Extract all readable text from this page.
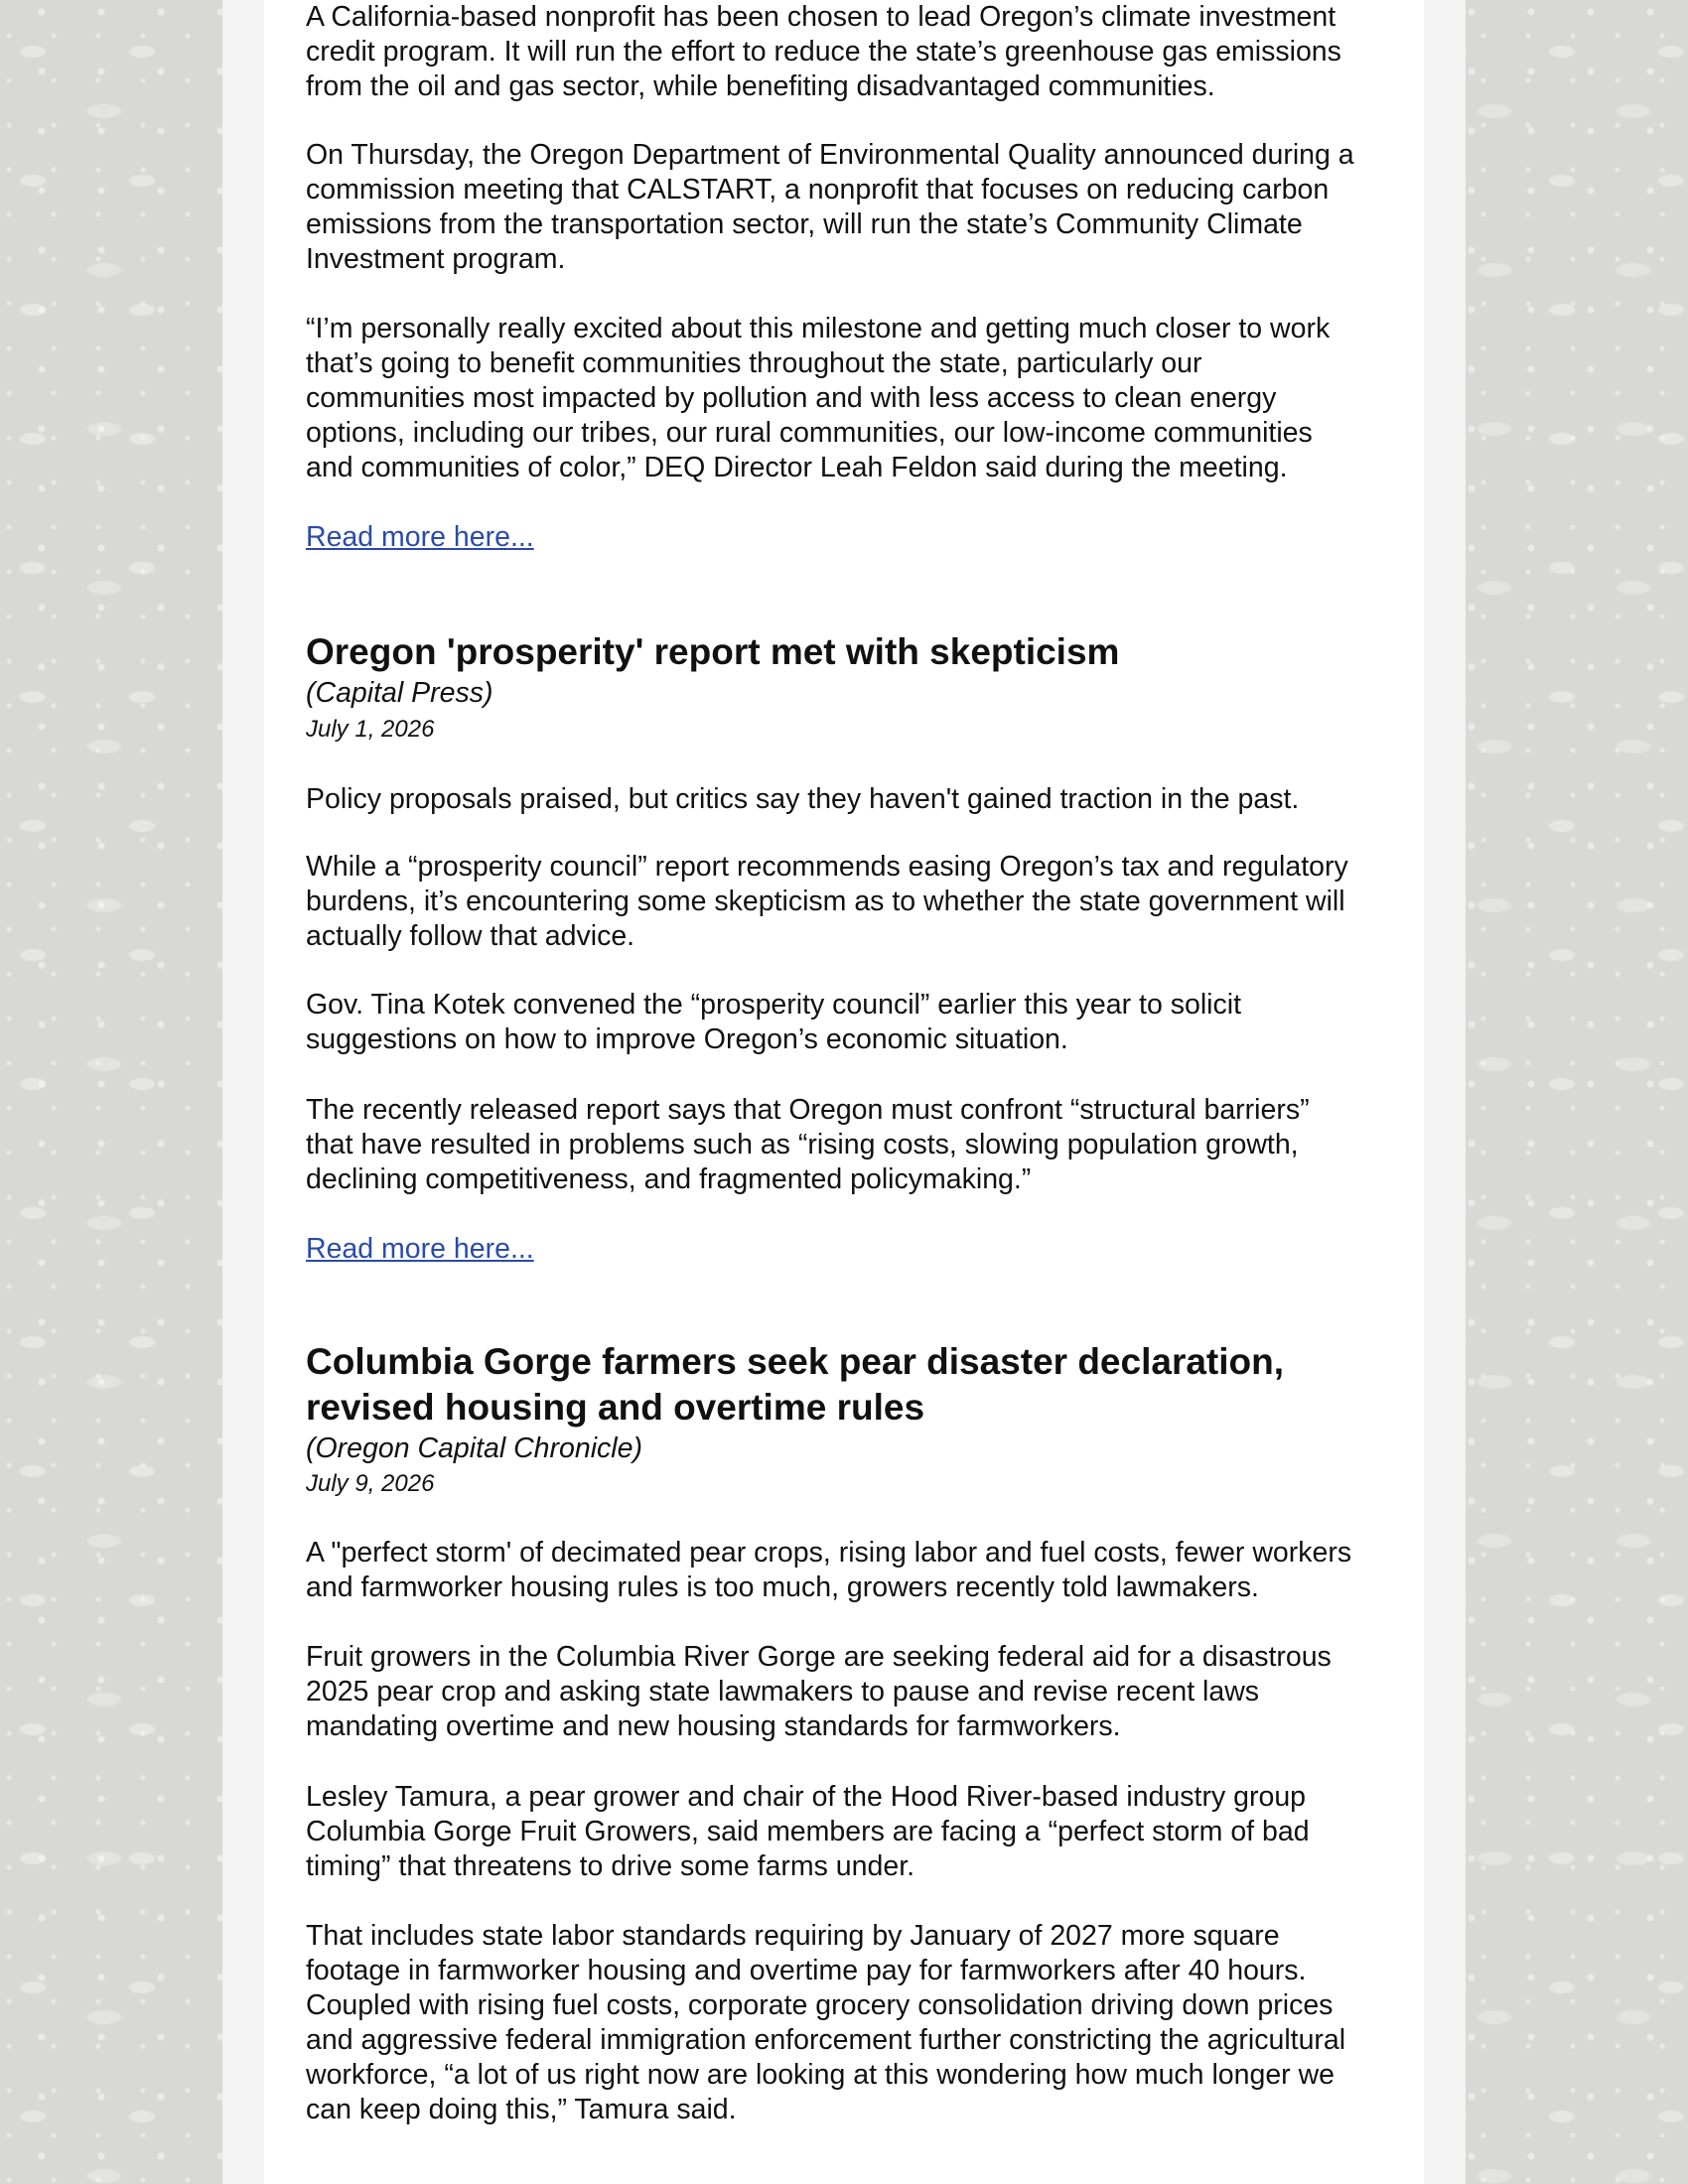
A California-based nonprofit has been chosen to lead Oregon’s climate investment
credit program. It will run the effort to reduce the state’s greenhouse gas emissions
from the oil and gas sector, while benefiting disadvantaged communities.

On Thursday, the Oregon Department of Environmental Quality announced during a
commission meeting that CALSTART, a nonprofit that focuses on reducing carbon
emissions from the transportation sector, will run the state’s Community Climate
Investment program.

“I’m personally really excited about this milestone and getting much closer to work
that’s going to benefit communities throughout the state, particularly our
communities most impacted by pollution and with less access to clean energy
options, including our tribes, our rural communities, our low-income communities
and communities of color,” DEQ Director Leah Feldon said during the meeting.

Read more here...
Oregon 'prosperity' report met with skepticism
(Capital Press)
July 1, 2026

Policy proposals praised, but critics say they haven't gained traction in the past.

While a “prosperity council” report recommends easing Oregon’s tax and regulatory
burdens, it’s encountering some skepticism as to whether the state government will
actually follow that advice.

Gov. Tina Kotek convened the “prosperity council” earlier this year to solicit
suggestions on how to improve Oregon’s economic situation.

The recently released report says that Oregon must confront “structural barriers”
that have resulted in problems such as “rising costs, slowing population growth,
declining competitiveness, and fragmented policymaking.”

Read more here...
Columbia Gorge farmers seek pear disaster declaration,
revised housing and overtime rules
(Oregon Capital Chronicle)
July 9, 2026

A "perfect storm' of decimated pear crops, rising labor and fuel costs, fewer workers
and farmworker housing rules is too much, growers recently told lawmakers.

Fruit growers in the Columbia River Gorge are seeking federal aid for a disastrous
2025 pear crop and asking state lawmakers to pause and revise recent laws
mandating overtime and new housing standards for farmworkers.

Lesley Tamura, a pear grower and chair of the Hood River-based industry group
Columbia Gorge Fruit Growers, said members are facing a “perfect storm of bad
timing” that threatens to drive some farms under.

That includes state labor standards requiring by January of 2027 more square
footage in farmworker housing and overtime pay for farmworkers after 40 hours.
Coupled with rising fuel costs, corporate grocery consolidation driving down prices
and aggressive federal immigration enforcement further constricting the agricultural
workforce, “a lot of us right now are looking at this wondering how much longer we
can keep doing this,” Tamura said.
